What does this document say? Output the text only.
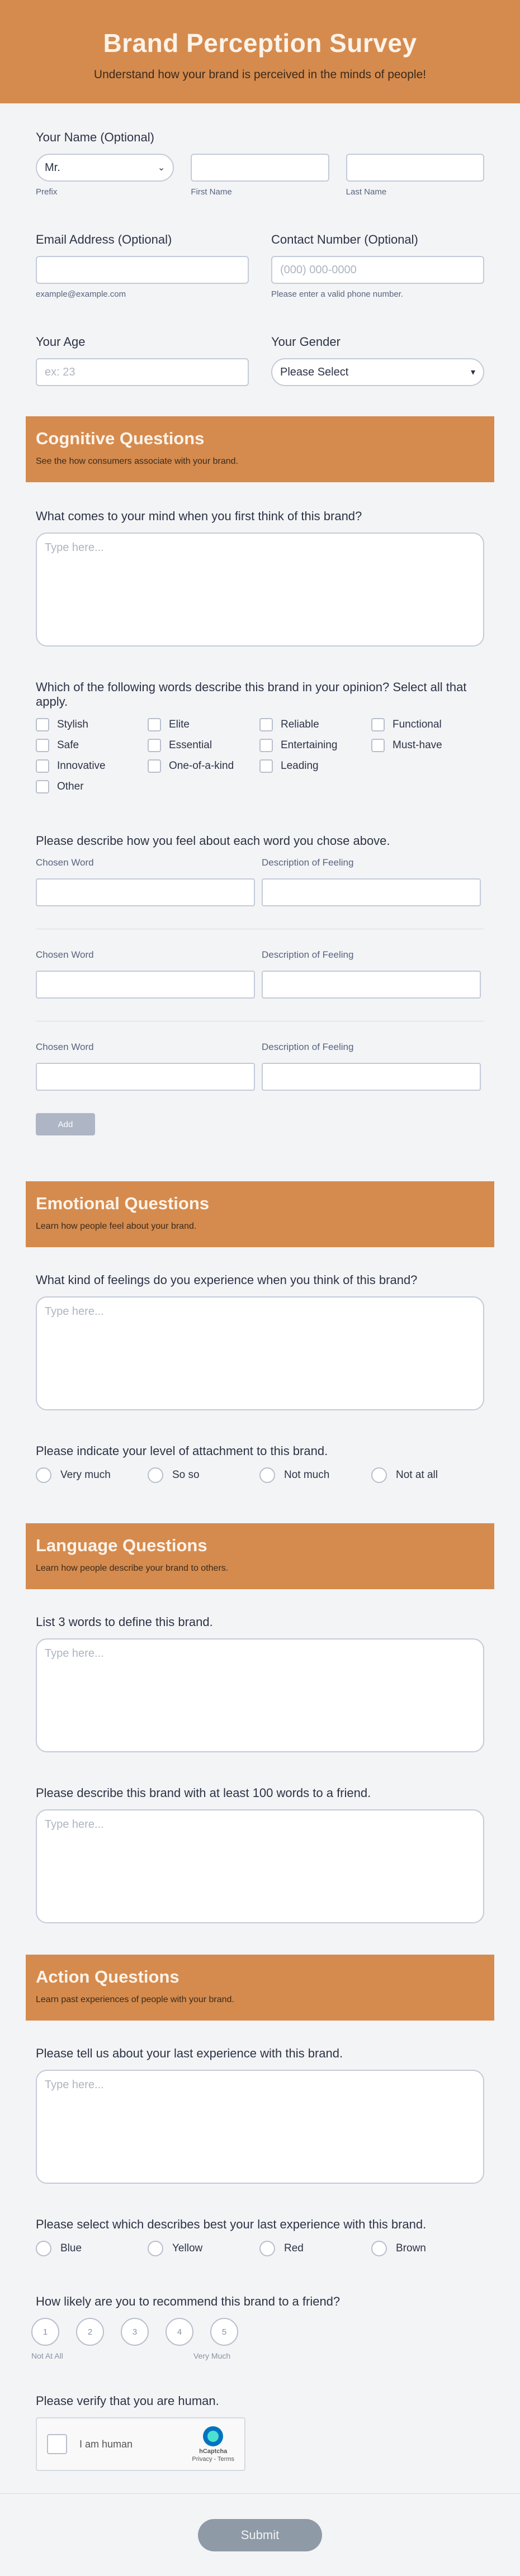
Brand Perception Survey

Understand how your brand is perceived in the minds of people!

Your Name (Optional)
Mr.	⌄
Prefix	First Name	Last Name
Email Address (Optional)
example@example.com
Contact Number (Optional)
(000) 000-0000
Please enter a valid phone number.
Your Age
ex: 23
Your Gender
Please Select	▾
Cognitive Questions

See the how consumers associate with your brand.

What comes to your mind when you first think of this brand?
Type here...
Which of the following words describe this brand in your opinion? Select all that apply.
Stylish	Elite	Reliable	Functional
Safe	Essential	Entertaining	Must-have
Innovative	One-of-a-kind	Leading
Other
Please describe how you feel about each word you chose above.
Chosen Word	Description of Feeling
Chosen Word	Description of Feeling
Chosen Word	Description of Feeling
Add
Emotional Questions

Learn how people feel about your brand.

What kind of feelings do you experience when you think of this brand?
Type here...
Please indicate your level of attachment to this brand.
Very much	So so	Not much	Not at all
Language Questions

Learn how people describe your brand to others.

List 3 words to define this brand.
Type here...
Please describe this brand with at least 100 words to a friend.
Type here...
Action Questions

Learn past experiences of people with your brand.

Please tell us about your last experience with this brand.
Type here...
Please select which describes best your last experience with this brand.
Blue	Yellow	Red	Brown
How likely are you to recommend this brand to a friend?
1	2	3	4	5
Not At All	Very Much
Please verify that you are human.
I am human
hCaptcha
Privacy - Terms
Submit
